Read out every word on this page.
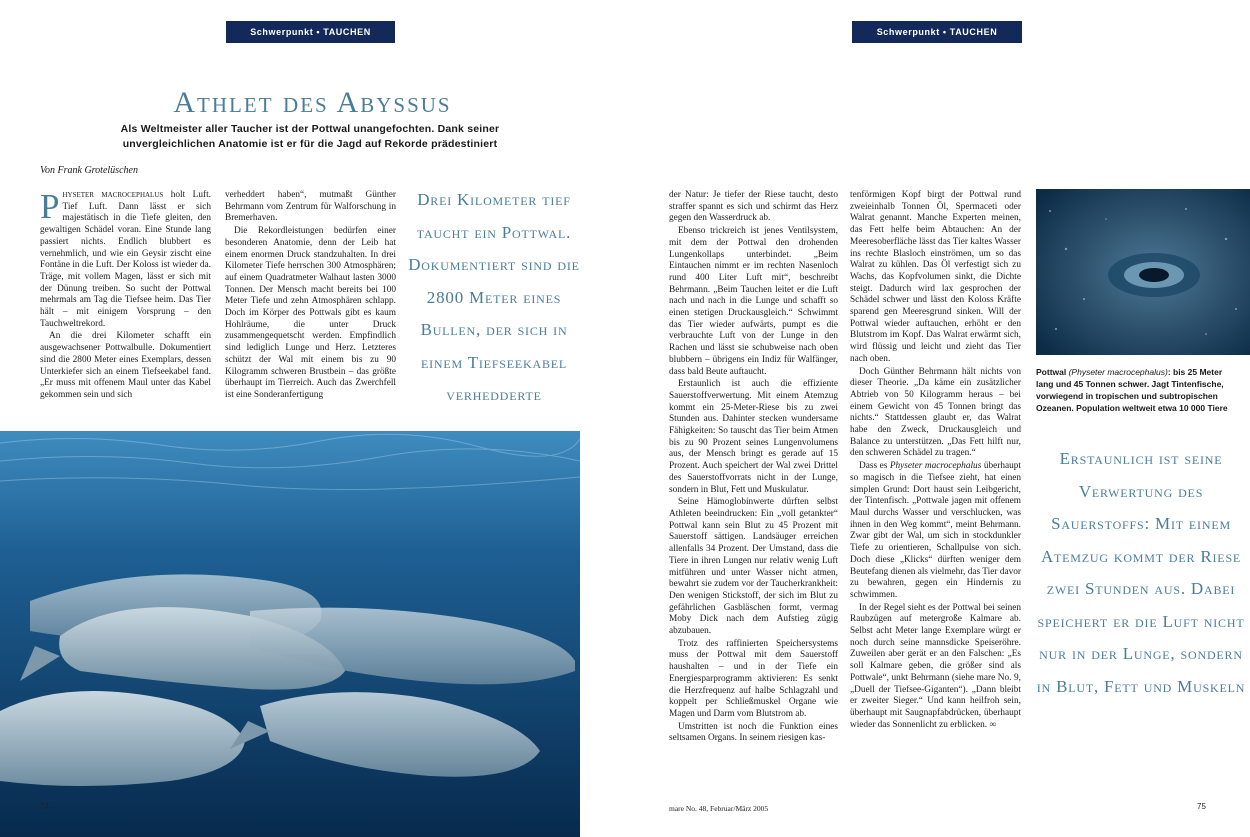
Schwerpunkt • TAUCHEN
Athlet des Abyssus

Als Weltmeister aller Taucher ist der Pottwal unangefochten. Dank seiner unvergleichlichen Anatomie ist er für die Jagd auf Rekorde prädestiniert

Von Frank Grotelüschen

Physeter macrocephalus holt Luft. Tief Luft. Dann lässt er sich majestätisch in die Tiefe gleiten, den gewaltigen Schädel voran. Eine Stunde lang passiert nichts. Endlich blubbert es vernehmlich, und wie ein Geysir zischt eine Fontäne in die Luft. Der Koloss ist wieder da. Träge, mit vollem Magen, lässt er sich mit der Dünung treiben. So sucht der Pottwal mehrmals am Tag die Tiefsee heim. Das Tier hält – mit einigem Vorsprung – den Tauchweltrekord.

An die drei Kilometer schafft ein ausgewachsener Pottwalbulle. Dokumentiert sind die 2800 Meter eines Exemplars, dessen Unterkiefer sich an einem Tiefseekabel fand. „Er muss mit offenem Maul unter das Kabel gekommen sein und sich

verheddert haben“, mutmaßt Günther Behrmann vom Zentrum für Walforschung in Bremerhaven.

Die Rekordleistungen bedürfen einer besonderen Anatomie, denn der Leib hat einem enormen Druck standzuhalten. In drei Kilometer Tiefe herrschen 300 Atmosphären; auf einem Quadratmeter Walhaut lasten 3000 Tonnen. Der Mensch macht bereits bei 100 Meter Tiefe und zehn Atmosphären schlapp. Doch im Körper des Pottwals gibt es kaum Hohlräume, die unter Druck zusammengequetscht werden. Empfindlich sind lediglich Lunge und Herz. Letzteres schützt der Wal mit einem bis zu 90 Kilogramm schweren Brustbein – das größte überhaupt im Tierreich. Auch das Zwerchfell ist eine Sonderanfertigung

Drei Kilometer tief taucht ein Pottwal. Dokumentiert sind die 2800 Meter eines Bullen, der sich in einem Tiefseekabel verhedderte

74
Schwerpunkt • TAUCHEN

der Natur: Je tiefer der Riese taucht, desto straffer spannt es sich und schirmt das Herz gegen den Wasserdruck ab.

Ebenso trickreich ist jenes Ventilsystem, mit dem der Pottwal den drohenden Lungenkollaps unterbindet. „Beim Eintauchen nimmt er im rechten Nasenloch rund 400 Liter Luft mit“, beschreibt Behrmann. „Beim Tauchen leitet er die Luft nach und nach in die Lunge und schafft so einen stetigen Druckausgleich.“ Schwimmt das Tier wieder aufwärts, pumpt es die verbrauchte Luft von der Lunge in den Rachen und lässt sie schubweise nach oben blubbern – übrigens ein Indiz für Walfänger, dass bald Beute auftaucht.

Erstaunlich ist auch die effiziente Sauerstoffverwertung. Mit einem Atemzug kommt ein 25-Meter-Riese bis zu zwei Stunden aus. Dahinter stecken wundersame Fähigkeiten: So tauscht das Tier beim Atmen bis zu 90 Prozent seines Lungenvolumens aus, der Mensch bringt es gerade auf 15 Prozent. Auch speichert der Wal zwei Drittel des Sauerstoffvorrats nicht in der Lunge, sondern in Blut, Fett und Muskulatur.

Seine Hämoglobinwerte dürften selbst Athleten beeindrucken: Ein „voll getankter“ Pottwal kann sein Blut zu 45 Prozent mit Sauerstoff sättigen. Landsäuger erreichen allenfalls 34 Prozent. Der Umstand, dass die Tiere in ihren Lungen nur relativ wenig Luft mitführen und unter Wasser nicht atmen, bewahrt sie zudem vor der Taucherkrankheit: Den wenigen Stickstoff, der sich im Blut zu gefährlichen Gasbläschen formt, vermag Moby Dick nach dem Aufstieg zügig abzubauen.

Trotz des raffinierten Speichersystems muss der Pottwal mit dem Sauerstoff haushalten – und in der Tiefe ein Energiesparprogramm aktivieren: Es senkt die Herzfrequenz auf halbe Schlagzahl und koppelt per Schließmuskel Organe wie Magen und Darm vom Blutstrom ab.

Umstritten ist noch die Funktion eines seltsamen Organs. In seinem riesigen kas-

tenförmigen Kopf birgt der Pottwal rund zweieinhalb Tonnen Öl, Spermaceti oder Walrat genannt. Manche Experten meinen, das Fett helfe beim Abtauchen: An der Meeresoberfläche lässt das Tier kaltes Wasser ins rechte Blasloch einströmen, um so das Walrat zu kühlen. Das Öl verfestigt sich zu Wachs, das Kopfvolumen sinkt, die Dichte steigt. Dadurch wird lax gesprochen der Schädel schwer und lässt den Koloss Kräfte sparend gen Meeresgrund sinken. Will der Pottwal wieder auftauchen, erhöht er den Blutstrom im Kopf. Das Walrat erwärmt sich, wird flüssig und leicht und zieht das Tier nach oben.

Doch Günther Behrmann hält nichts von dieser Theorie. „Da käme ein zusätzlicher Abtrieb von 50 Kilogramm heraus – bei einem Gewicht von 45 Tonnen bringt das nichts.“ Stattdessen glaubt er, das Walrat habe den Zweck, Druckausgleich und Balance zu unterstützen. „Das Fett hilft nur, den schweren Schädel zu tragen.“

Dass es Physeter macrocephalus überhaupt so magisch in die Tiefsee zieht, hat einen simplen Grund: Dort haust sein Leibgericht, der Tintenfisch. „Pottwale jagen mit offenem Maul durchs Wasser und verschlucken, was ihnen in den Weg kommt“, meint Behrmann. Zwar gibt der Wal, um sich in stockdunkler Tiefe zu orientieren, Schallpulse von sich. Doch diese „Klicks“ dürften weniger dem Beutefang dienen als vielmehr, das Tier davor zu bewahren, gegen ein Hindernis zu schwimmen.

In der Regel sieht es der Pottwal bei seinen Raubzügen auf metergroße Kalmare ab. Selbst acht Meter lange Exemplare würgt er noch durch seine mannsdicke Speiseröhre. Zuweilen aber gerät er an den Falschen: „Es soll Kalmare geben, die größer sind als Pottwale“, unkt Behrmann (siehe mare No. 9, „Duell der Tiefsee-Giganten“). „Dann bleibt er zweiter Sieger.“ Und kann heilfroh sein, überhaupt mit Saugnapfabdrücken, überhaupt wieder das Sonnenlicht zu erblicken. ∞

Pottwal (Physeter macrocephalus): bis 25 Meter lang und 45 Tonnen schwer. Jagt Tintenfische, vorwiegend in tropischen und subtropischen Ozeanen. Population weltweit etwa 10 000 Tiere

Erstaunlich ist seine Verwertung des Sauerstoffs: Mit einem Atemzug kommt der Riese zwei Stunden aus. Dabei speichert er die Luft nicht nur in der Lunge, sondern in Blut, Fett und Muskeln

mare No. 48, Februar/März 2005	75
